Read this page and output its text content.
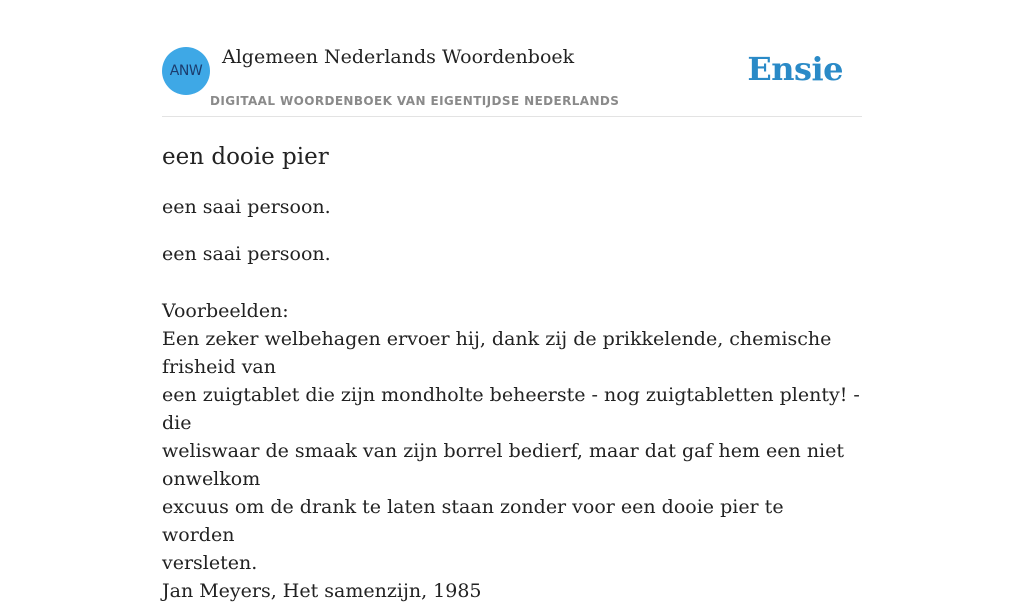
ANW
Algemeen Nederlands Woordenboek
DIGITAAL WOORDENBOEK VAN EIGENTIJDSE NEDERLANDS
Ensie
een dooie pier
een saai persoon.
een saai persoon.
Voorbeelden:
Een zeker welbehagen ervoer hij, dank zij de prikkelende, chemische frisheid van
een zuigtablet die zijn mondholte beheerste - nog zuigtabletten plenty! - die
weliswaar de smaak van zijn borrel bedierf, maar dat gaf hem een niet onwelkom
excuus om de drank te laten staan zonder voor een dooie pier te worden
versleten.
Jan Meyers, Het samenzijn, 1985
